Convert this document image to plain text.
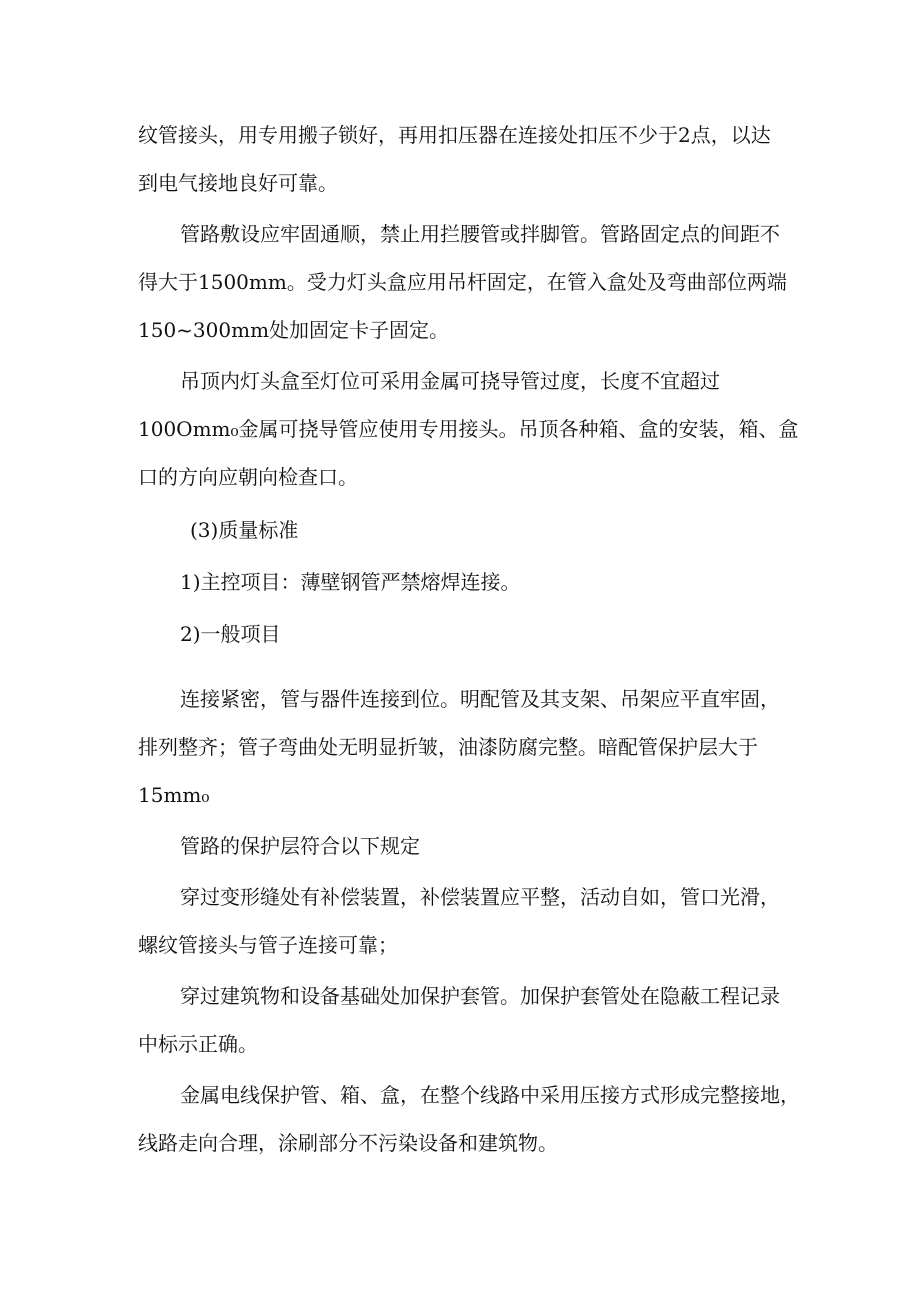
纹管接头，用专用搬子锁好，再用扣压器在连接处扣压不少于2点，以达
到电气接地良好可靠。
管路敷设应牢固通顺，禁止用拦腰管或拌脚管。管路固定点的间距不
得大于1500mm。受力灯头盒应用吊杆固定，在管入盒处及弯曲部位两端
150~300mm处加固定卡子固定。
吊顶内灯头盒至灯位可采用金属可挠导管过度，长度不宜超过
100Omm₀金属可挠导管应使用专用接头。吊顶各种箱、盒的安装，箱、盒
口的方向应朝向检查口。
(3)质量标准
1)主控项目：薄壁钢管严禁熔焊连接。
2)一般项目
连接紧密，管与器件连接到位。明配管及其支架、吊架应平直牢固，
排列整齐；管子弯曲处无明显折皱，油漆防腐完整。暗配管保护层大于
15mm₀
管路的保护层符合以下规定
穿过变形缝处有补偿装置，补偿装置应平整，活动自如，管口光滑，
螺纹管接头与管子连接可靠；
穿过建筑物和设备基础处加保护套管。加保护套管处在隐蔽工程记录
中标示正确。
金属电线保护管、箱、盒，在整个线路中采用压接方式形成完整接地，
线路走向合理，涂刷部分不污染设备和建筑物。
